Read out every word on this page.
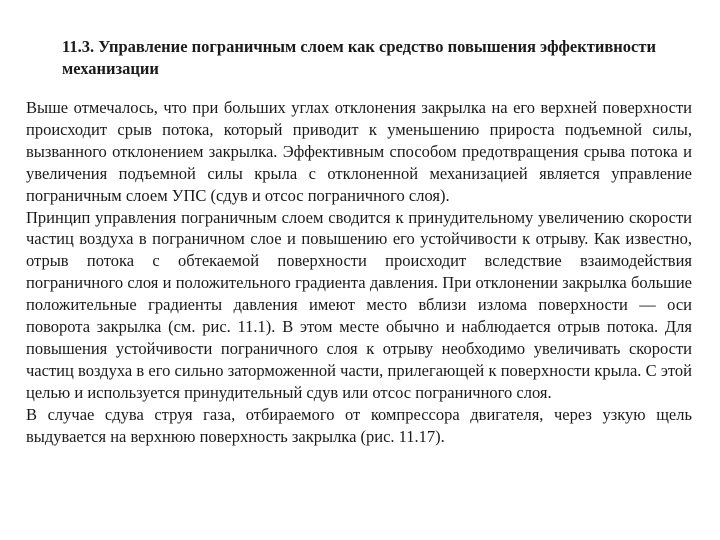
11.3. Управление пограничным слоем как средство повышения эффективности механизации

Выше отмечалось, что при больших углах отклонения закрылка на его верхней поверхности происходит срыв потока, который приводит к уменьшению прироста подъемной силы, вызванного отклонением закрылка. Эффективным способом предотвращения срыва потока и увеличения подъемной силы крыла с отклоненной механизацией является управление пограничным слоем УПС (сдув и отсос пограничного слоя).

Принцип управления пограничным слоем сводится к принудительному увеличению скорости частиц воздуха в пограничном слое и повышению его устойчивости к отрыву. Как известно, отрыв потока с обтекаемой поверхности происходит вследствие взаимодействия пограничного слоя и положительного градиента давления. При отклонении закрылка большие положительные градиенты давления имеют место вблизи излома поверхности — оси поворота закрылка (см. рис. 11.1). В этом месте обычно и наблюдается отрыв потока. Для повышения устойчивости пограничного слоя к отрыву необходимо увеличивать скорости частиц воздуха в его сильно заторможенной части, прилегающей к поверхности крыла. С этой целью и используется принудительный сдув или отсос пограничного слоя.

В случае сдува струя газа, отбираемого от компрессора двигателя, через узкую щель выдувается на верхнюю поверхность закрылка (рис. 11.17).
